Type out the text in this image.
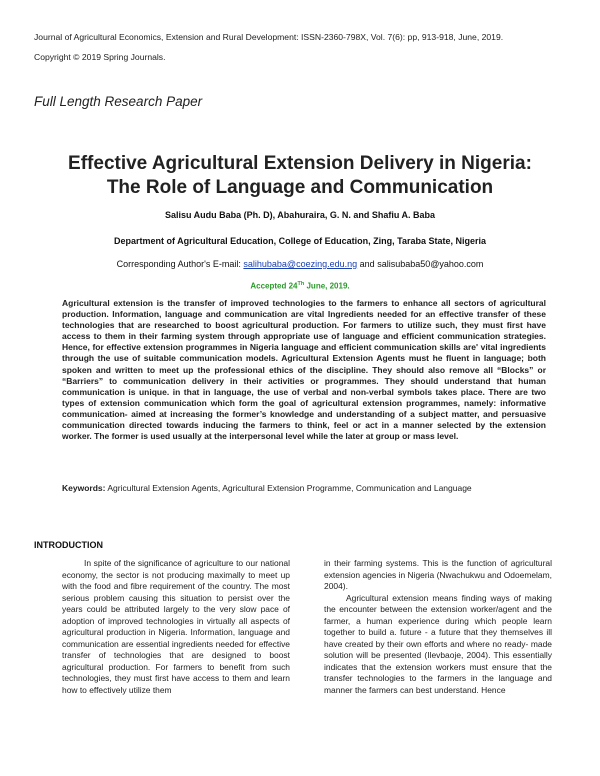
Journal of Agricultural Economics, Extension and Rural Development: ISSN-2360-798X, Vol. 7(6): pp, 913-918, June, 2019.
Copyright © 2019 Spring Journals.
Full Length Research Paper
Effective Agricultural Extension Delivery in Nigeria:
The Role of Language and Communication
Salisu Audu Baba (Ph. D), Abahuraira, G. N. and Shafiu A. Baba
Department of Agricultural Education, College of Education, Zing, Taraba State, Nigeria
Corresponding Author's E-mail: salihubaba@coezing.edu.ng and salisubaba50@yahoo.com
Accepted 24Th June, 2019.
Agricultural extension is the transfer of improved technologies to the farmers to enhance all sectors of agricultural production. Information, language and communication are vital Ingredients needed for an effective transfer of these technologies that are researched to boost agricultural production. For farmers to utilize such, they must first have access to them in their farming system through appropriate use of language and efficient communication strategies. Hence, for effective extension programmes in Nigeria language and efficient communication skills are' vital ingredients through the use of suitable communication models. Agricultural Extension Agents must he fluent in language; both spoken and written to meet up the professional ethics of the discipline. They should also remove all “Blocks” or “Barriers” to communication delivery in their activities or programmes. They should understand that human communication is unique. in that in language, the use of verbal and non-verbal symbols takes place. There are two types of extension communication which form the goal of agricultural extension programmes, namely: informative communication- aimed at increasing the former’s knowledge and understanding of a subject matter, and persuasive communication directed towards inducing the farmers to think, feel or act in a manner selected by the extension worker. The former is used usually at the interpersonal level while the later at group or mass level.
Keywords: Agricultural Extension Agents, Agricultural Extension Programme, Communication and Language
INTRODUCTION

In spite of the significance of agriculture to our national economy, the sector is not producing maximally to meet up with the food and fibre requirement of the country. The most serious problem causing this situation to persist over the years could be attributed largely to the very slow pace of adoption of improved technologies in virtually all aspects of agricultural production in Nigeria. Information, language and communication are essential ingredients needed for effective transfer of technologies that are designed to boost agricultural production. For farmers to benefit from such technologies, they must first have access to them and learn how to effectively utilize them

in their farming systems. This is the function of agricultural extension agencies in Nigeria (Nwachukwu and Odoemelam, 2004).

Agricultural extension means finding ways of making the encounter between the extension worker/agent and the farmer, a human experience during which people learn together to build a. future - a future that they themselves ill have created by their own efforts and where no ready- made solution will be presented (Ilevbaoje, 2004). This essentially indicates that the extension workers must ensure that the transfer technologies to the farmers in the language and manner the farmers can best understand. Hence
